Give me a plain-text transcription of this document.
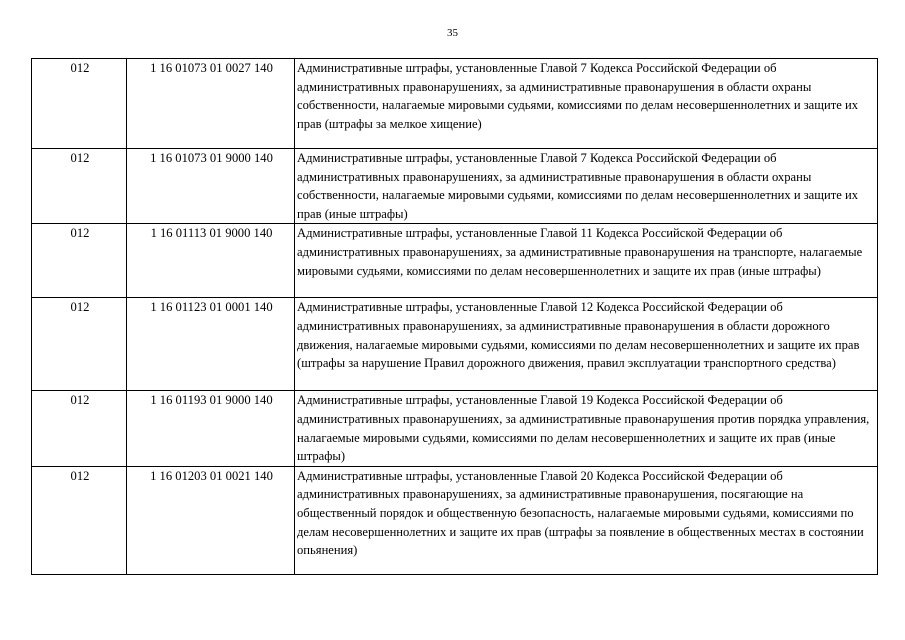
35
012	1 16 01073 01 0027 140	Административные штрафы, установленные Главой 7 Кодекса Российской Федерации об административных правонарушениях, за административные правонарушения в области охраны собственности, налагаемые мировыми судьями, комиссиями по делам несовершеннолетних и защите их прав (штрафы за мелкое хищение)
012	1 16 01073 01 9000 140	Административные штрафы, установленные Главой 7 Кодекса Российской Федерации об административных правонарушениях, за административные правонарушения в области охраны собственности, налагаемые мировыми судьями, комиссиями по делам несовершеннолетних и защите их прав (иные штрафы)
012	1 16 01113 01 9000 140	Административные штрафы, установленные Главой 11 Кодекса Российской Федерации об административных правонарушениях, за административные правонарушения на транспорте, налагаемые мировыми судьями, комиссиями по делам несовершеннолетних и защите их прав (иные штрафы)
012	1 16 01123 01 0001 140	Административные штрафы, установленные Главой 12 Кодекса Российской Федерации об административных правонарушениях, за административные правонарушения в области дорожного движения, налагаемые мировыми судьями, комиссиями по делам несовершеннолетних и защите их прав (штрафы за нарушение Правил дорожного движения, правил эксплуатации транспортного средства)
012	1 16 01193 01 9000 140	Административные штрафы, установленные Главой 19 Кодекса Российской Федерации об административных правонарушениях, за административные правонарушения против порядка управления, налагаемые мировыми судьями, комиссиями по делам несовершеннолетних и защите их прав (иные штрафы)
012	1 16 01203 01 0021 140	Административные штрафы, установленные Главой 20 Кодекса Российской Федерации об административных правонарушениях, за административные правонарушения, посягающие на общественный порядок и общественную безопасность, налагаемые мировыми судьями, комиссиями по делам несовершеннолетних и защите их прав (штрафы за появление в общественных местах в состоянии опьянения)
